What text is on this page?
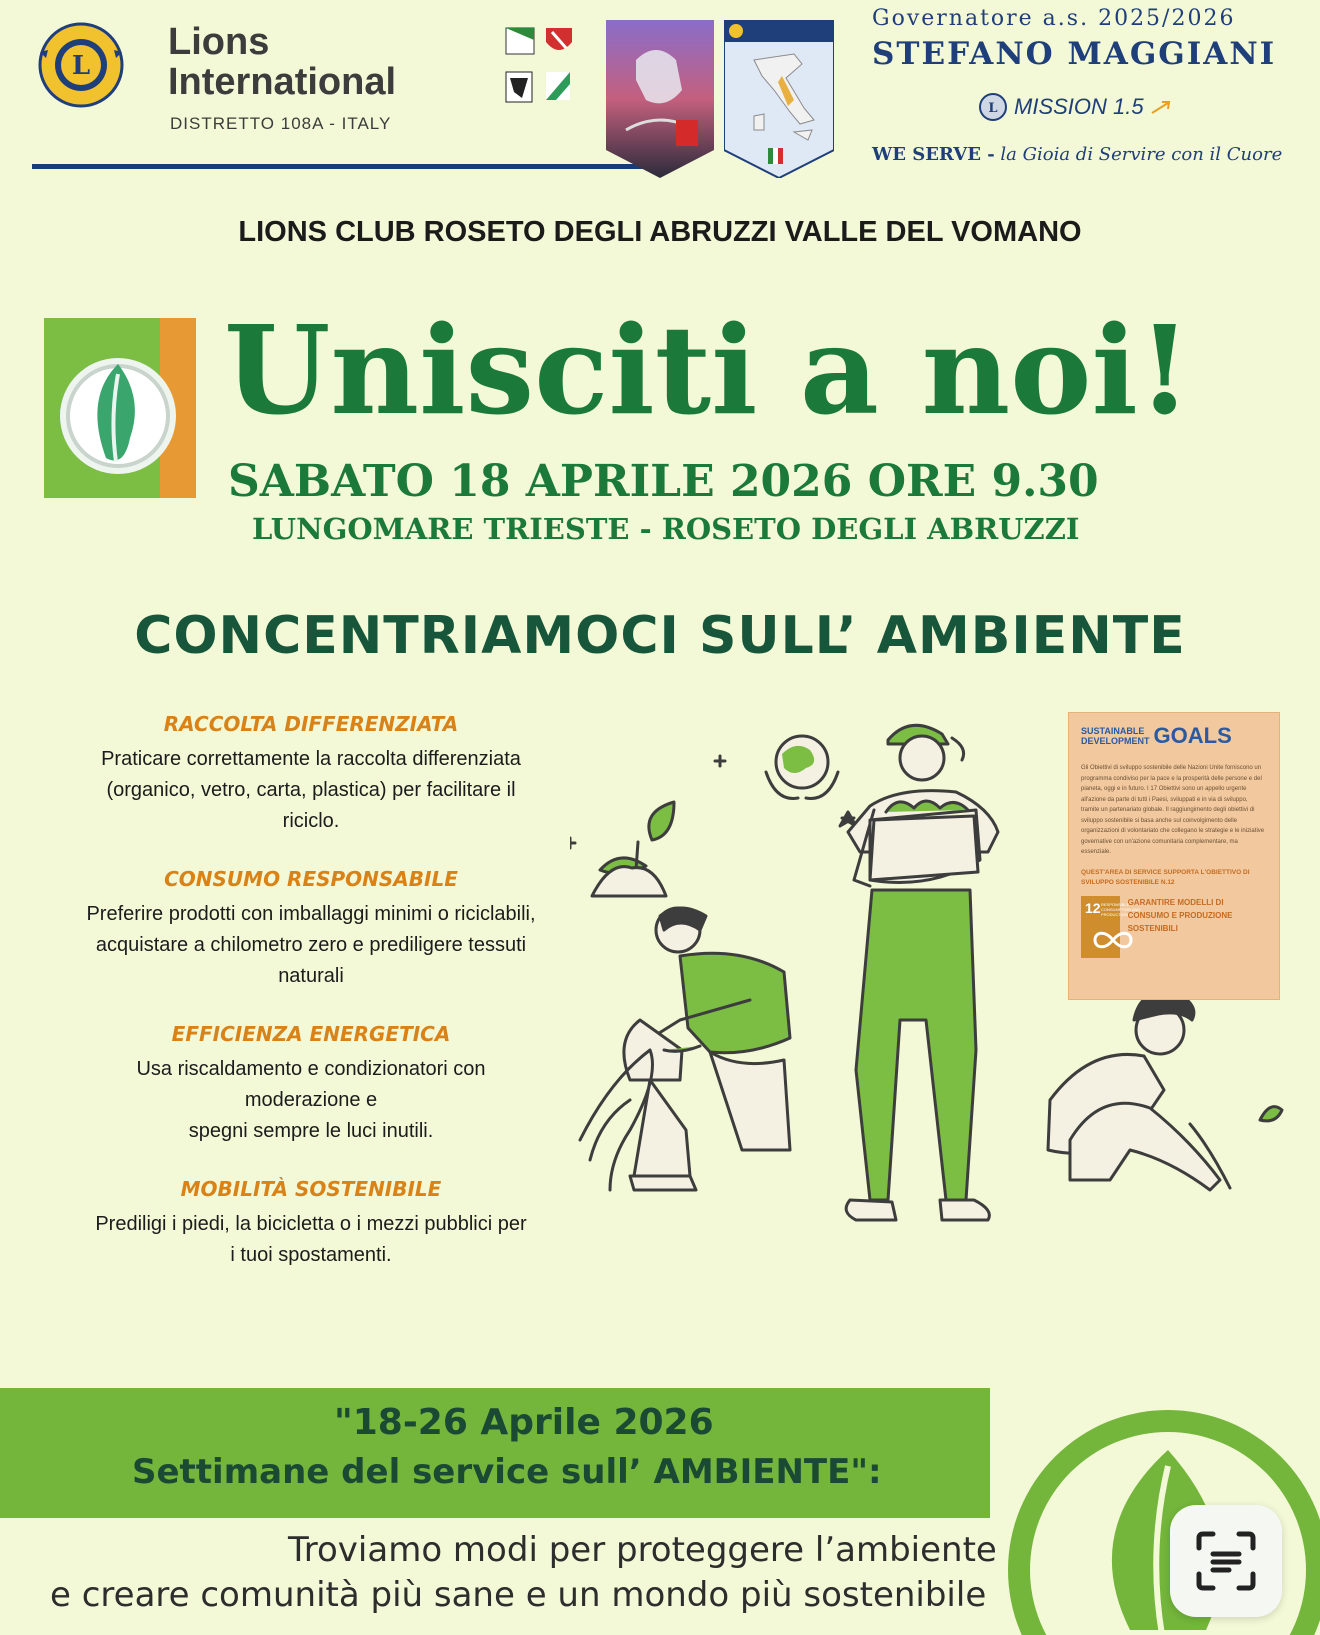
L
Lions
International
DISTRETTO 108A - ITALY
Governatore a.s. 2025/2026
STEFANO MAGGIANI
L MISSION 1.5
WE SERVE - la Gioia di Servire con il Cuore
LIONS CLUB ROSETO DEGLI ABRUZZI VALLE DEL VOMANO
Unisciti a noi!
SABATO 18 APRILE 2026 ORE 9.30
LUNGOMARE TRIESTE - ROSETO DEGLI ABRUZZI
CONCENTRIAMOCI SULL’ AMBIENTE
RACCOLTA DIFFERENZIATA
Praticare correttamente la raccolta differenziata
(organico, vetro, carta, plastica) per facilitare il
riciclo.
CONSUMO RESPONSABILE
Preferire prodotti con imballaggi minimi o riciclabili,
acquistare a chilometro zero e prediligere tessuti
naturali
EFFICIENZA ENERGETICA
Usa riscaldamento e condizionatori con
moderazione e
spegni sempre le luci inutili.
MOBILITÀ SOSTENIBILE
Prediligi i piedi, la bicicletta o i mezzi pubblici per
i tuoi spostamenti.
SUSTAINABLE
DEVELOPMENT GOALS
Gli Obiettivi di sviluppo sostenibile delle Nazioni Unite forniscono un programma condiviso per la pace e la prosperità delle persone e del pianeta, oggi e in futuro. I 17 Obiettivi sono un appello urgente all'azione da parte di tutti i Paesi, sviluppati e in via di sviluppo, tramite un partenariato globale. Il raggiungimento degli obiettivi di sviluppo sostenibile si basa anche sul coinvolgimento delle organizzazioni di volontariato che collegano le strategie e le iniziative governative con un'azione comunitaria complementare, ma essenziale.
QUEST'AREA DI SERVICE SUPPORTA L'OBIETTIVO DI SVILUPPO SOSTENIBILE N.12
12 RESPONSIBLE CONSUMPTION AND PRODUCTION
GARANTIRE MODELLI DI CONSUMO E PRODUZIONE SOSTENIBILI
"18-26 Aprile 2026
Settimane del service sull’ AMBIENTE":
Troviamo modi per proteggere l’ambiente
e creare comunità più sane e un mondo più sostenibile
